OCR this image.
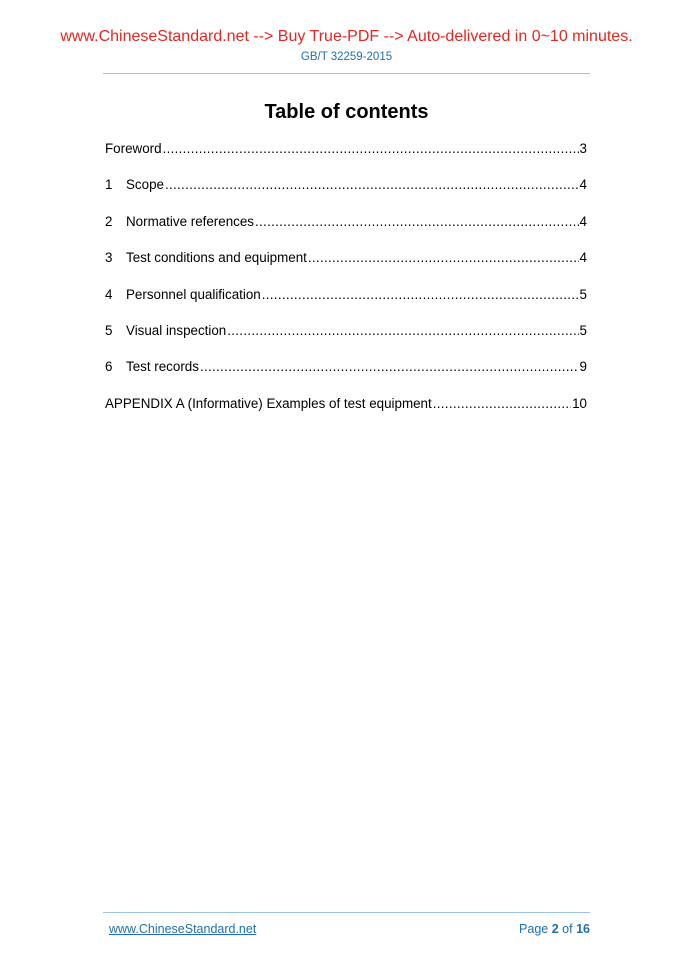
www.ChineseStandard.net --> Buy True-PDF --> Auto-delivered in 0~10 minutes.
GB/T 32259-2015
Table of contents
Foreword .....	3
1	Scope .....	4
2	Normative references .....	4
3	Test conditions and equipment .....	4
4	Personnel qualification .....	5
5	Visual inspection .....	5
6	Test records .....	9
APPENDIX A (Informative) Examples of test equipment .....	10
www.ChineseStandard.net	Page 2 of 16
